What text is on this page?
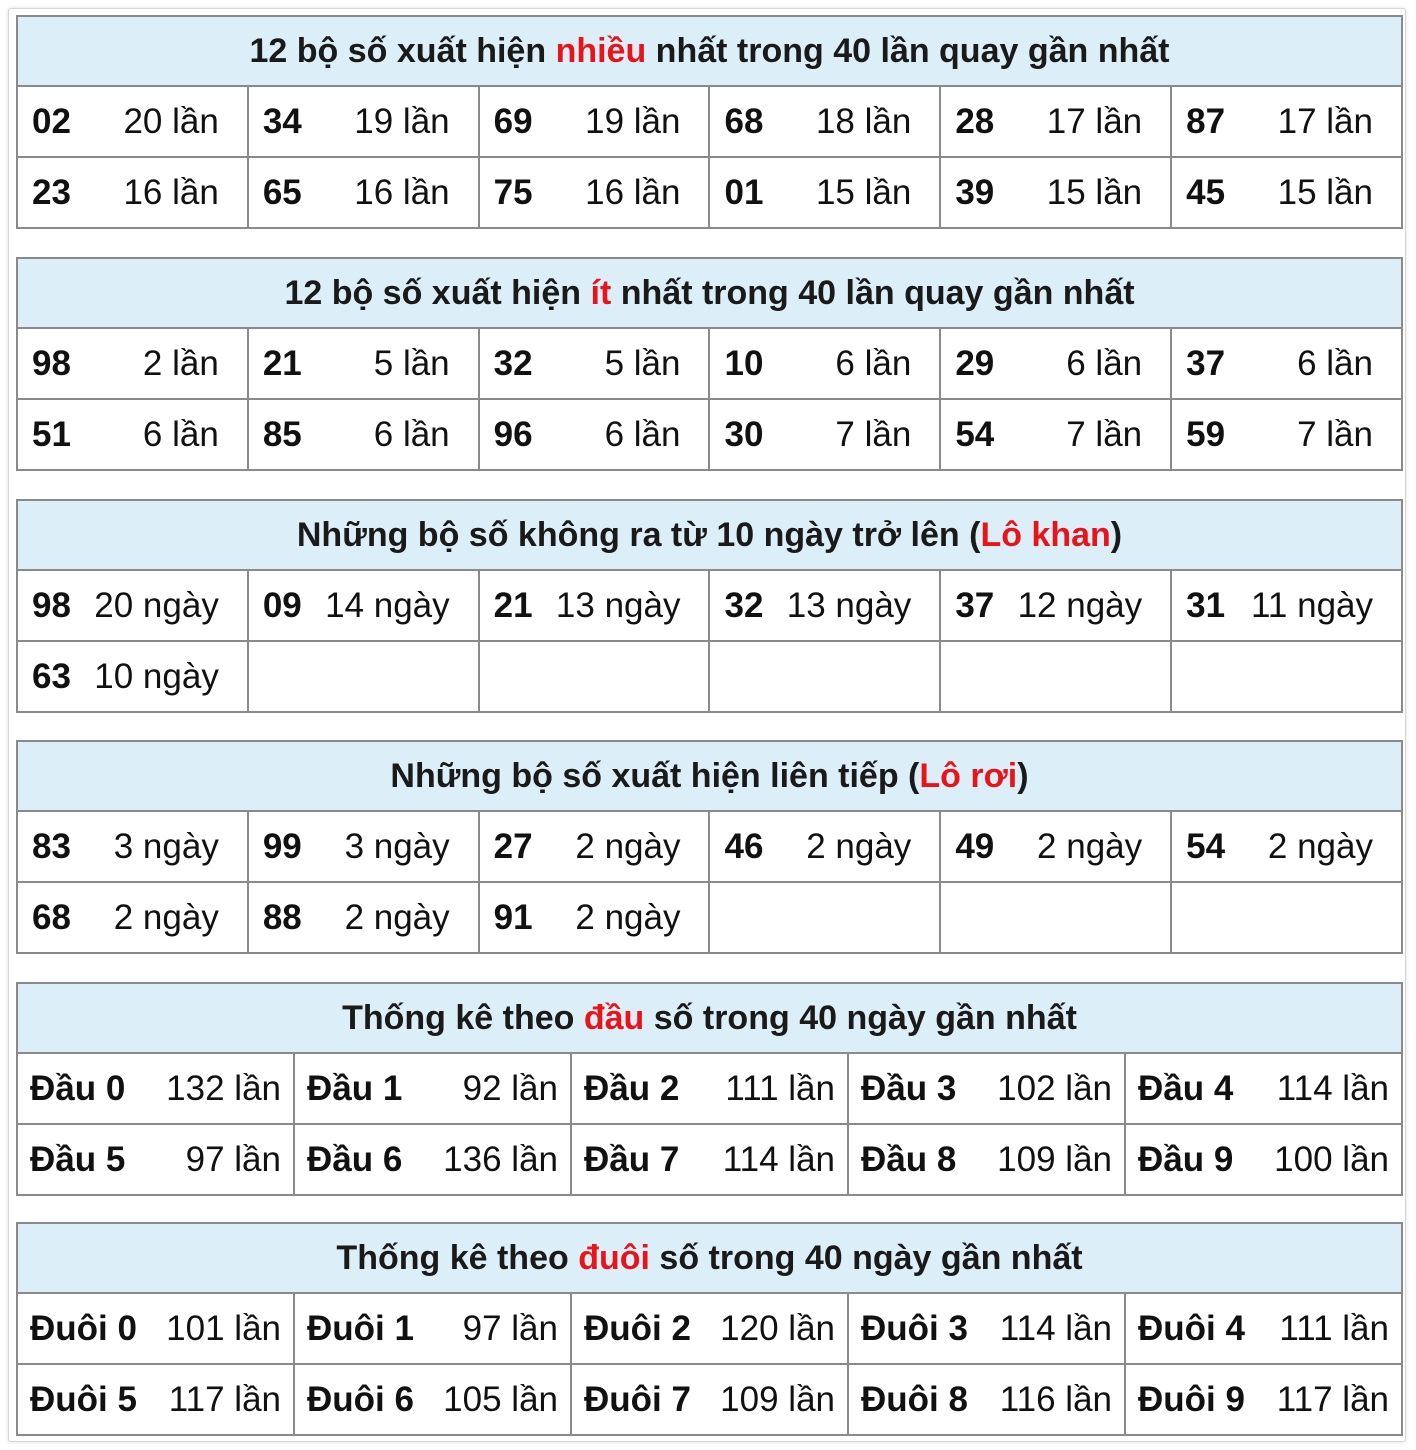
12 bộ số xuất hiện nhiều nhất trong 40 lần quay gần nhất					

02 20 lần	34 19 lần	69 19 lần	68 18 lần	28 17 lần	87 17 lần

23 16 lần	65 16 lần	75 16 lần	01 15 lần	39 15 lần	45 15 lần
12 bộ số xuất hiện ít nhất trong 40 lần quay gần nhất					

98 2 lần	21 5 lần	32 5 lần	10 6 lần	29 6 lần	37 6 lần

51 6 lần	85 6 lần	96 6 lần	30 7 lần	54 7 lần	59 7 lần
Những bộ số không ra từ 10 ngày trở lên (Lô khan)					

98 20 ngày	09 14 ngày	21 13 ngày	32 13 ngày	37 12 ngày	31 11 ngày

63 10 ngày					

Những bộ số xuất hiện liên tiếp (Lô rơi)					

83 3 ngày	99 3 ngày	27 2 ngày	46 2 ngày	49 2 ngày	54 2 ngày

68 2 ngày	88 2 ngày	91 2 ngày			

Thống kê theo đầu số trong 40 ngày gần nhất				

Đầu 0 132 lần	Đầu 1 92 lần	Đầu 2 111 lần	Đầu 3 102 lần	Đầu 4 114 lần

Đầu 5 97 lần	Đầu 6 136 lần	Đầu 7 114 lần	Đầu 8 109 lần	Đầu 9 100 lần
Thống kê theo đuôi số trong 40 ngày gần nhất				

Đuôi 0 101 lần	Đuôi 1 97 lần	Đuôi 2 120 lần	Đuôi 3 114 lần	Đuôi 4 111 lần

Đuôi 5 117 lần	Đuôi 6 105 lần	Đuôi 7 109 lần	Đuôi 8 116 lần	Đuôi 9 117 lần
